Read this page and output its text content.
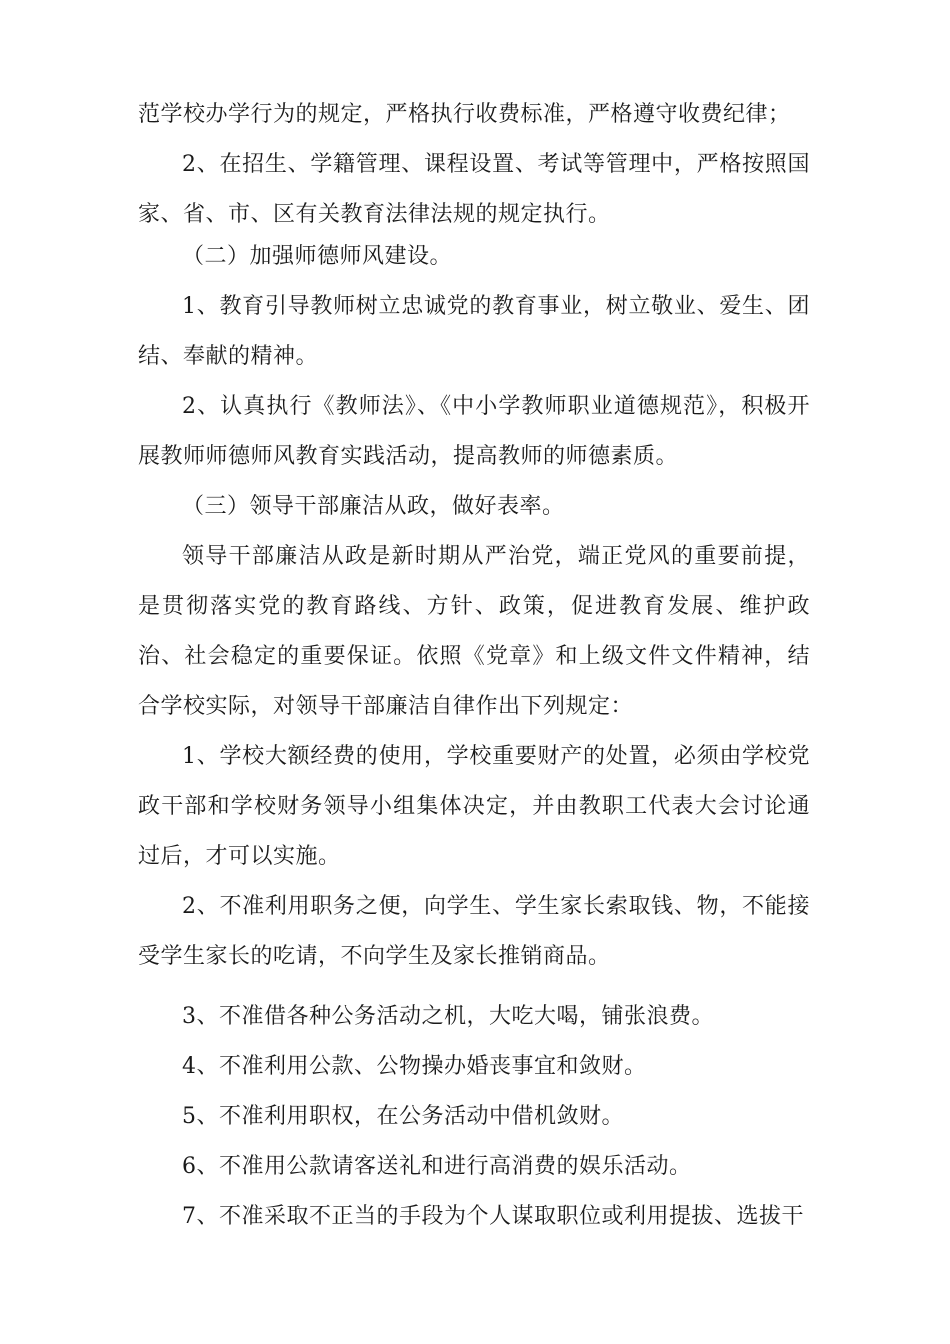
范学校办学行为的规定，严格执行收费标准，严格遵守收费纪律；

2、在招生、学籍管理、课程设置、考试等管理中，严格按照国家、省、市、区有关教育法律法规的规定执行。

（二）加强师德师风建设。

1、教育引导教师树立忠诚党的教育事业，树立敬业、爱生、团结、奉献的精神。

2、认真执行《教师法》、《中小学教师职业道德规范》，积极开展教师师德师风教育实践活动，提高教师的师德素质。

（三）领导干部廉洁从政，做好表率。

领导干部廉洁从政是新时期从严治党，端正党风的重要前提，是贯彻落实党的教育路线、方针、政策，促进教育发展、维护政治、社会稳定的重要保证。依照《党章》和上级文件文件精神，结合学校实际，对领导干部廉洁自律作出下列规定：

1、学校大额经费的使用，学校重要财产的处置，必须由学校党政干部和学校财务领导小组集体决定，并由教职工代表大会讨论通过后，才可以实施。

2、不准利用职务之便，向学生、学生家长索取钱、物，不能接受学生家长的吃请，不向学生及家长推销商品。

3、不准借各种公务活动之机，大吃大喝，铺张浪费。

4、不准利用公款、公物操办婚丧事宜和敛财。

5、不准利用职权，在公务活动中借机敛财。

6、不准用公款请客送礼和进行高消费的娱乐活动。

7、不准采取不正当的手段为个人谋取职位或利用提拔、选拔干
